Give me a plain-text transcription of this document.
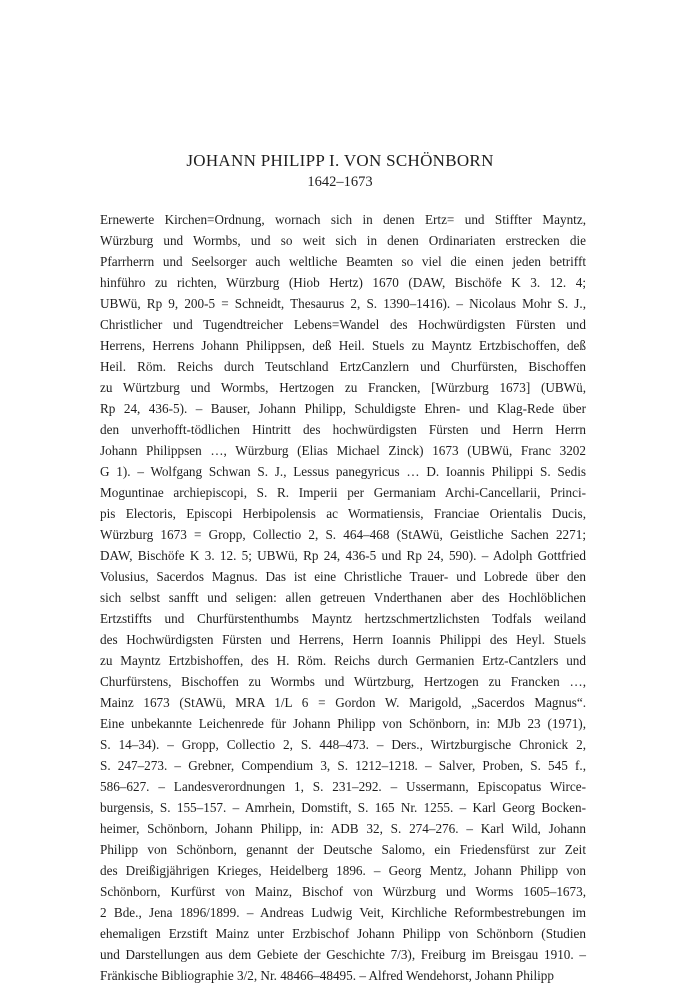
JOHANN PHILIPP I. VON SCHÖNBORN
1642–1673
Ernewerte Kirchen=Ordnung, wornach sich in denen Ertz= und Stiffter Mayntz,
Würzburg und Wormbs, und so weit sich in denen Ordinariaten erstrecken die
Pfarrherrn und Seelsorger auch weltliche Beamten so viel die einen jeden betrifft
hinführo zu richten, Würzburg (Hiob Hertz) 1670 (DAW, Bischöfe K 3. 12. 4;
UBWü, Rp 9, 200-5 = Schneidt, Thesaurus 2, S. 1390–1416). – Nicolaus Mohr S. J.,
Christlicher und Tugendtreicher Lebens=Wandel des Hochwürdigsten Fürsten und
Herrens, Herrens Johann Philippsen, deß Heil. Stuels zu Mayntz Ertzbischoffen, deß
Heil. Röm. Reichs durch Teutschland ErtzCanzlern und Churfürsten, Bischoffen
zu Würtzburg und Wormbs, Hertzogen zu Francken, [Würzburg 1673] (UBWü,
Rp 24, 436-5). – Bauser, Johann Philipp, Schuldigste Ehren- und Klag-Rede über
den unverhofft-tödlichen Hintritt des hochwürdigsten Fürsten und Herrn Herrn
Johann Philippsen …, Würzburg (Elias Michael Zinck) 1673 (UBWü, Franc 3202
G 1). – Wolfgang Schwan S. J., Lessus panegyricus … D. Ioannis Philippi S. Sedis
Moguntinae archiepiscopi, S. R. Imperii per Germaniam Archi-Cancellarii, Princi-
pis Electoris, Episcopi Herbipolensis ac Wormatiensis, Franciae Orientalis Ducis,
Würzburg 1673 = Gropp, Collectio 2, S. 464–468 (StAWü, Geistliche Sachen 2271;
DAW, Bischöfe K 3. 12. 5; UBWü, Rp 24, 436-5 und Rp 24, 590). – Adolph Gottfried
Volusius, Sacerdos Magnus. Das ist eine Christliche Trauer- und Lobrede über den
sich selbst sanfft und seligen: allen getreuen Vnderthanen aber des Hochlöblichen
Ertzstiffts und Churfürstenthumbs Mayntz hertzschmertzlichsten Todfals weiland
des Hochwürdigsten Fürsten und Herrens, Herrn Ioannis Philippi des Heyl. Stuels
zu Mayntz Ertzbishoffen, des H. Röm. Reichs durch Germanien Ertz-Cantzlers und
Churfürstens, Bischoffen zu Wormbs und Würtzburg, Hertzogen zu Francken …,
Mainz 1673 (StAWü, MRA 1/L 6 = Gordon W. Marigold, „Sacerdos Magnus“.
Eine unbekannte Leichenrede für Johann Philipp von Schönborn, in: MJb 23 (1971),
S. 14–34). – Gropp, Collectio 2, S. 448–473. – Ders., Wirtzburgische Chronick 2,
S. 247–273. – Grebner, Compendium 3, S. 1212–1218. – Salver, Proben, S. 545 f.,
586–627. – Landesverordnungen 1, S. 231–292. – Ussermann, Episcopatus Wirce-
burgensis, S. 155–157. – Amrhein, Domstift, S. 165 Nr. 1255. – Karl Georg Bocken-
heimer, Schönborn, Johann Philipp, in: ADB 32, S. 274–276. – Karl Wild, Johann
Philipp von Schönborn, genannt der Deutsche Salomo, ein Friedensfürst zur Zeit
des Dreißigjährigen Krieges, Heidelberg 1896. – Georg Mentz, Johann Philipp von
Schönborn, Kurfürst von Mainz, Bischof von Würzburg und Worms 1605–1673,
2 Bde., Jena 1896/1899. – Andreas Ludwig Veit, Kirchliche Reformbestrebungen im
ehemaligen Erzstift Mainz unter Erzbischof Johann Philipp von Schönborn (Studien
und Darstellungen aus dem Gebiete der Geschichte 7/3), Freiburg im Breisgau 1910. –
Fränkische Bibliographie 3/2, Nr. 48466–48495. – Alfred Wendehorst, Johann Philipp
